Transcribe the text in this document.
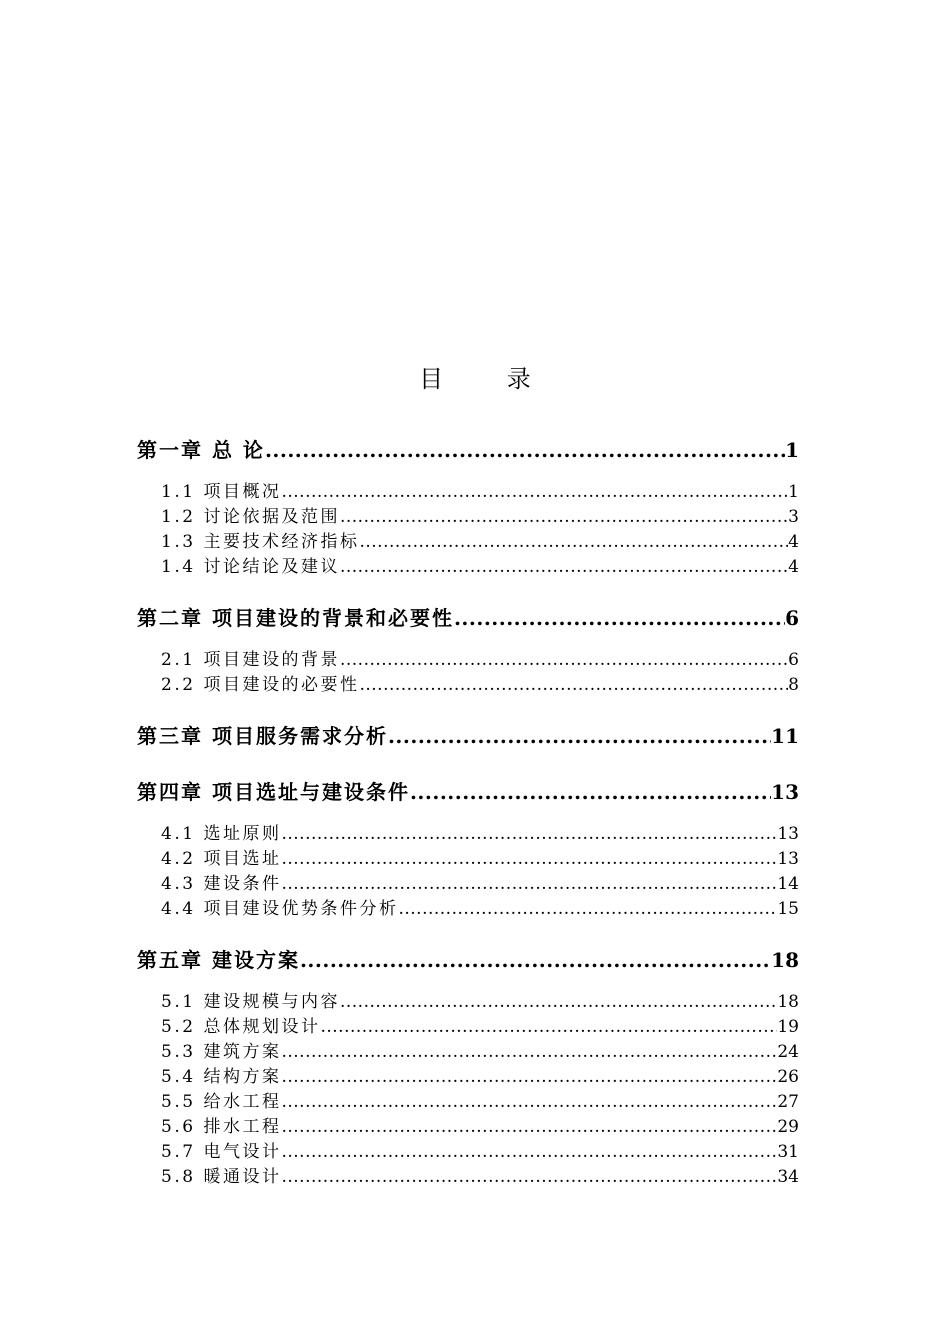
目 录
第一章 总 论 .....	1
1.1 项目概况 .....	1
1.2 讨论依据及范围 .....	3
1.3 主要技术经济指标 .....	4
1.4 讨论结论及建议 .....	4
第二章 项目建设的背景和必要性 .....	6
2.1 项目建设的背景 .....	6
2.2 项目建设的必要性 .....	8
第三章 项目服务需求分析 .....	11
第四章 项目选址与建设条件 .....	13
4.1 选址原则 .....	13
4.2 项目选址 .....	13
4.3 建设条件 .....	14
4.4 项目建设优势条件分析 .....	15
第五章 建设方案 .....	18
5.1 建设规模与内容 .....	18
5.2 总体规划设计 .....	19
5.3 建筑方案 .....	24
5.4 结构方案 .....	26
5.5 给水工程 .....	27
5.6 排水工程 .....	29
5.7 电气设计 .....	31
5.8 暖通设计 .....	34
